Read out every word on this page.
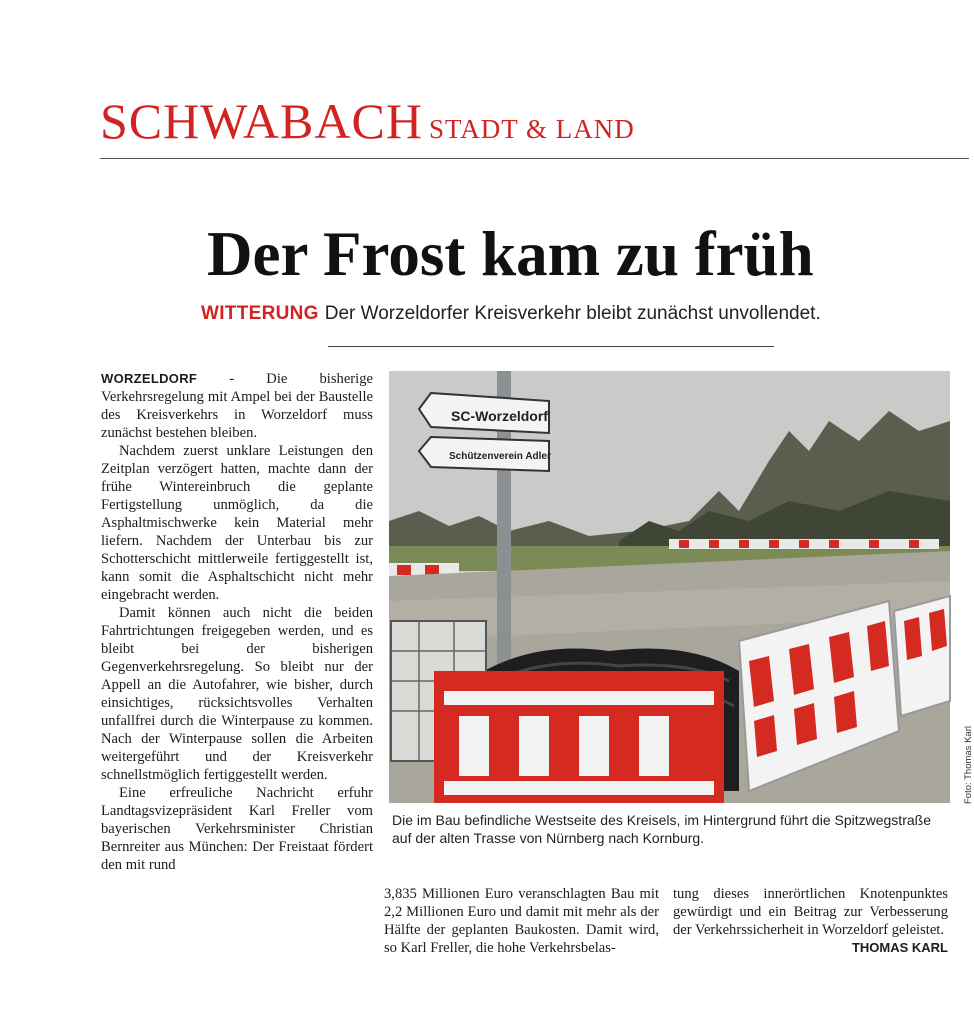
SCHWABACH STADT & LAND
Der Frost kam zu früh
WITTERUNG Der Worzeldorfer Kreisverkehr bleibt zunächst unvollendet.

WORZELDORF - Die bisherige Verkehrsregelung mit Ampel bei der Baustelle des Kreisverkehrs in Worzeldorf muss zunächst bestehen bleiben.

Nachdem zuerst unklare Leistungen den Zeitplan verzögert hatten, machte dann der frühe Wintereinbruch die geplante Fertigstellung unmöglich, da die Asphaltmischwerke kein Material mehr liefern. Nachdem der Unterbau bis zur Schotterschicht mittlerweile fertiggestellt ist, kann somit die Asphaltschicht nicht mehr eingebracht werden.

Damit können auch nicht die beiden Fahrtrichtungen freigegeben werden, und es bleibt bei der bisherigen Gegenverkehrsregelung. So bleibt nur der Appell an die Autofahrer, wie bisher, durch einsichtiges, rücksichtsvolles Verhalten unfallfrei durch die Winterpause zu kommen. Nach der Winterpause sollen die Arbeiten weitergeführt und der Kreisverkehr schnellstmöglich fertiggestellt werden.

Eine erfreuliche Nachricht erfuhr Landtagsvizepräsident Karl Freller vom bayerischen Verkehrsminister Christian Bernreiter aus München: Der Freistaat fördert den mit rund

3,835 Millionen Euro veranschlagten Bau mit 2,2 Millionen Euro und damit mit mehr als der Hälfte der geplanten Baukosten. Damit wird, so Karl Freller, die hohe Verkehrsbelas-

tung dieses innerörtlichen Knotenpunktes gewürdigt und ein Beitrag zur Verbesserung der Verkehrssicherheit in Worzeldorf geleistet.

THOMAS KARL
SC-Worzeldorf
Schützenverein Adler
Foto: Thomas Karl
Die im Bau befindliche Westseite des Kreisels, im Hintergrund führt die Spitzwegstraße auf der alten Trasse von Nürnberg nach Kornburg.
